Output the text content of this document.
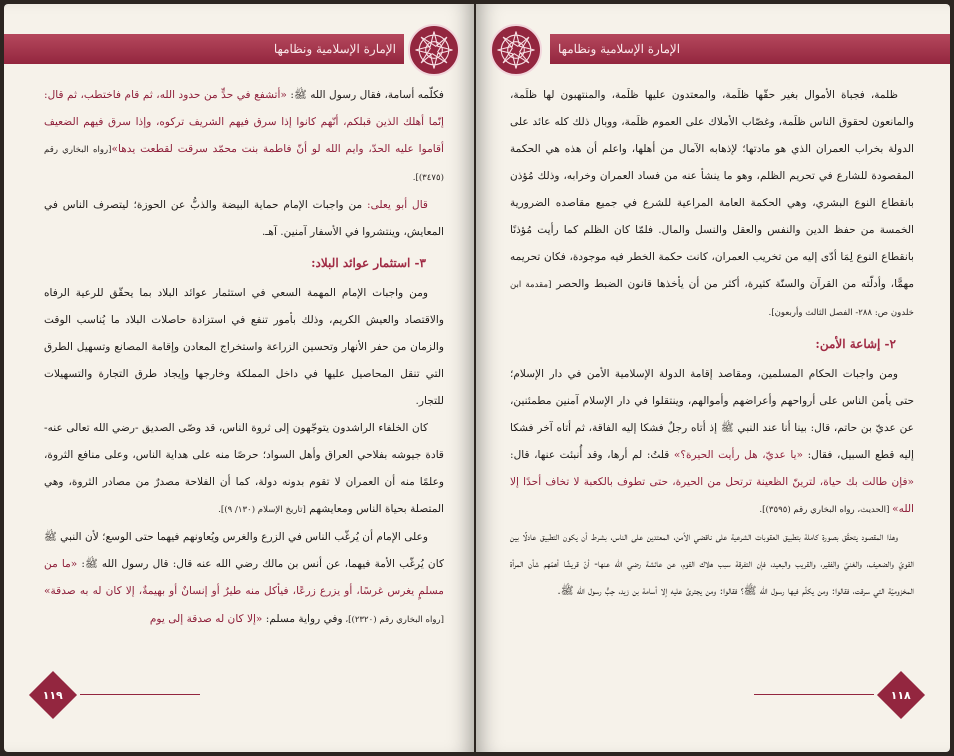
الإمارة الإسلامية ونظامها

فكلّمه أسامة، فقال رسول الله ﷺ: «أتشفع في حدٍّ من حدود الله، ثم قام فاختطب، ثم قال: إنّما أهلك الذين قبلكم، أنّهم كانوا إذا سرق فيهم الشريف تركوه، وإذا سرق فيهم الضعيف أقاموا عليه الحدّ، وايم الله لو أنّ فاطمة بنت محمّد سرقت لقطعت يدها»[رواه البخاري رقم (٣٤٧٥)].

قال أبو يعلى: من واجبات الإمام حماية البيضة والذبُّ عن الحوزة؛ ليتصرف الناس في المعايش، وينتشروا في الأسفار آمنين. آهـ.

٣- استثمار عوائد البلاد:

ومن واجبات الإمام المهمة السعي في استثمار عوائد البلاد بما يحقّق للرعية الرفاه والاقتصاد والعيش الكريم، وذلك بأمور تنفع في استزادة حاصلات البلاد ما يُناسب الوقت والزمان من حفر الأنهار وتحسين الزراعة واستخراج المعادن وإقامة المصانع وتسهيل الطرق التي تنقل المحاصيل عليها في داخل المملكة وخارجها وإيجاد طرق التجارة والتسهيلات للتجار.

كان الخلفاء الراشدون يتوجّهون إلى ثروة الناس، قد وصّى الصديق -رضي الله تعالى عنه- قادة جيوشه بفلاحي العراق وأهل السواد؛ حرصًا منه على هداية الناس، وعلى منافع الثروة، وعلمًا منه أن العمران لا تقوم بدونه دولة، كما أن الفلاحة مصدرٌ من مصادر الثروة، وهي المتصلة بحياة الناس ومعايشهم [تاريخ الإسلام (١٣٠/ ٩)].

وعلى الإمام أن يُرغّب الناس في الزرع والغرس ويُعاونهم فيهما حتى الوسع؛ لأن النبي ﷺ كان يُرغّب الأمة فيهما، عن أنس بن مالك رضي الله عنه قال: قال رسول الله ﷺ: «ما من مسلمٍ يغرس غرسًا، أو يزرع زرعًا، فيأكل منه طيرٌ أو إنسانٌ أو بهيمةٌ، إلا كان له به صدقة» [رواه البخاري رقم (٢٣٢٠)]، وفي رواية مسلم: «إلا كان له صدقة إلى يوم

١١٩
الإمارة الإسلامية ونظامها

ظلمة، فجباة الأموال بغير حقّها ظلَمة، والمعتدون عليها ظلَمة، والمنتهبون لها ظلَمة، والمانعون لحقوق الناس ظلَمة، وغصّاب الأملاك على العموم ظلَمة، ووبال ذلك كله عائد على الدولة بخراب العمران الذي هو مادتها؛ لإذهابه الآمال من أهلها، واعلم أن هذه هي الحكمة المقصودة للشارع في تحريم الظلم، وهو ما ينشأ عنه من فساد العمران وخرابه، وذلك مُؤذن بانقطاع النوع البشري، وهي الحكمة العامة المراعية للشرع في جميع مقاصده الضرورية الخمسة من حفظ الدين والنفس والعقل والنسل والمال. فلمّا كان الظلم كما رأيت مُؤذنًا بانقطاع النوع لِمَا أدّى إليه من تخريب العمران، كانت حكمة الخطر فيه موجودة، فكان تحريمه مهمًّا، وأدلّته من القرآن والسنّة كثيرة، أكثر من أن يأخذها قانون الضبط والحصر [مقدمة ابن خلدون ص: ٢٨٨- الفصل الثالث وأربعون].

٢- إشاعة الأمن:

ومن واجبات الحكام المسلمين، ومقاصد إقامة الدولة الإسلامية الأمن في دار الإسلام؛ حتى يأمن الناس على أرواحهم وأعراضهم وأموالهم، وينتقلوا في دار الإسلام آمنين مطمئنين، عن عديّ بن حاتم، قال: بينا أنا عند النبي ﷺ إذ أتاه رجلٌ فشكا إليه الفاقة، ثم أتاه آخر فشكا إليه قطع السبيل، فقال: «يا عديّ، هل رأيت الحيرة؟» قلتُ: لم أرها، وقد أُنبئت عنها، قال: «فإن طالت بك حياة، لترينّ الظعينة ترتحل من الحيرة، حتى تطوف بالكعبة لا تخاف أحدًا إلا الله» [الحديث، رواه البخاري رقم (٣٥٩٥)].

وهذا المقصود يتحقّق بصورة كاملة بتطبيق العقوبات الشرعية على ناقضي الأمن، المعتدين على الناس، بشرط أن يكون التطبيق عادلًا بين القويّ والضعيف، والغنيّ والفقير، والقريب والبعيد، فإن التفرقة سبب هلاك القوم، عن عائشة رضي الله عنها- أنّ قريشًا أهمّهم شأن المرأة المخزوميّة التي سرقت، فقالوا: ومن يكلّم فيها رسول الله ﷺ؟ فقالوا: ومن يجترئ عليه إلا أسامة بن زيد، حِبُّ رسول الله ﷺ.

١١٨
